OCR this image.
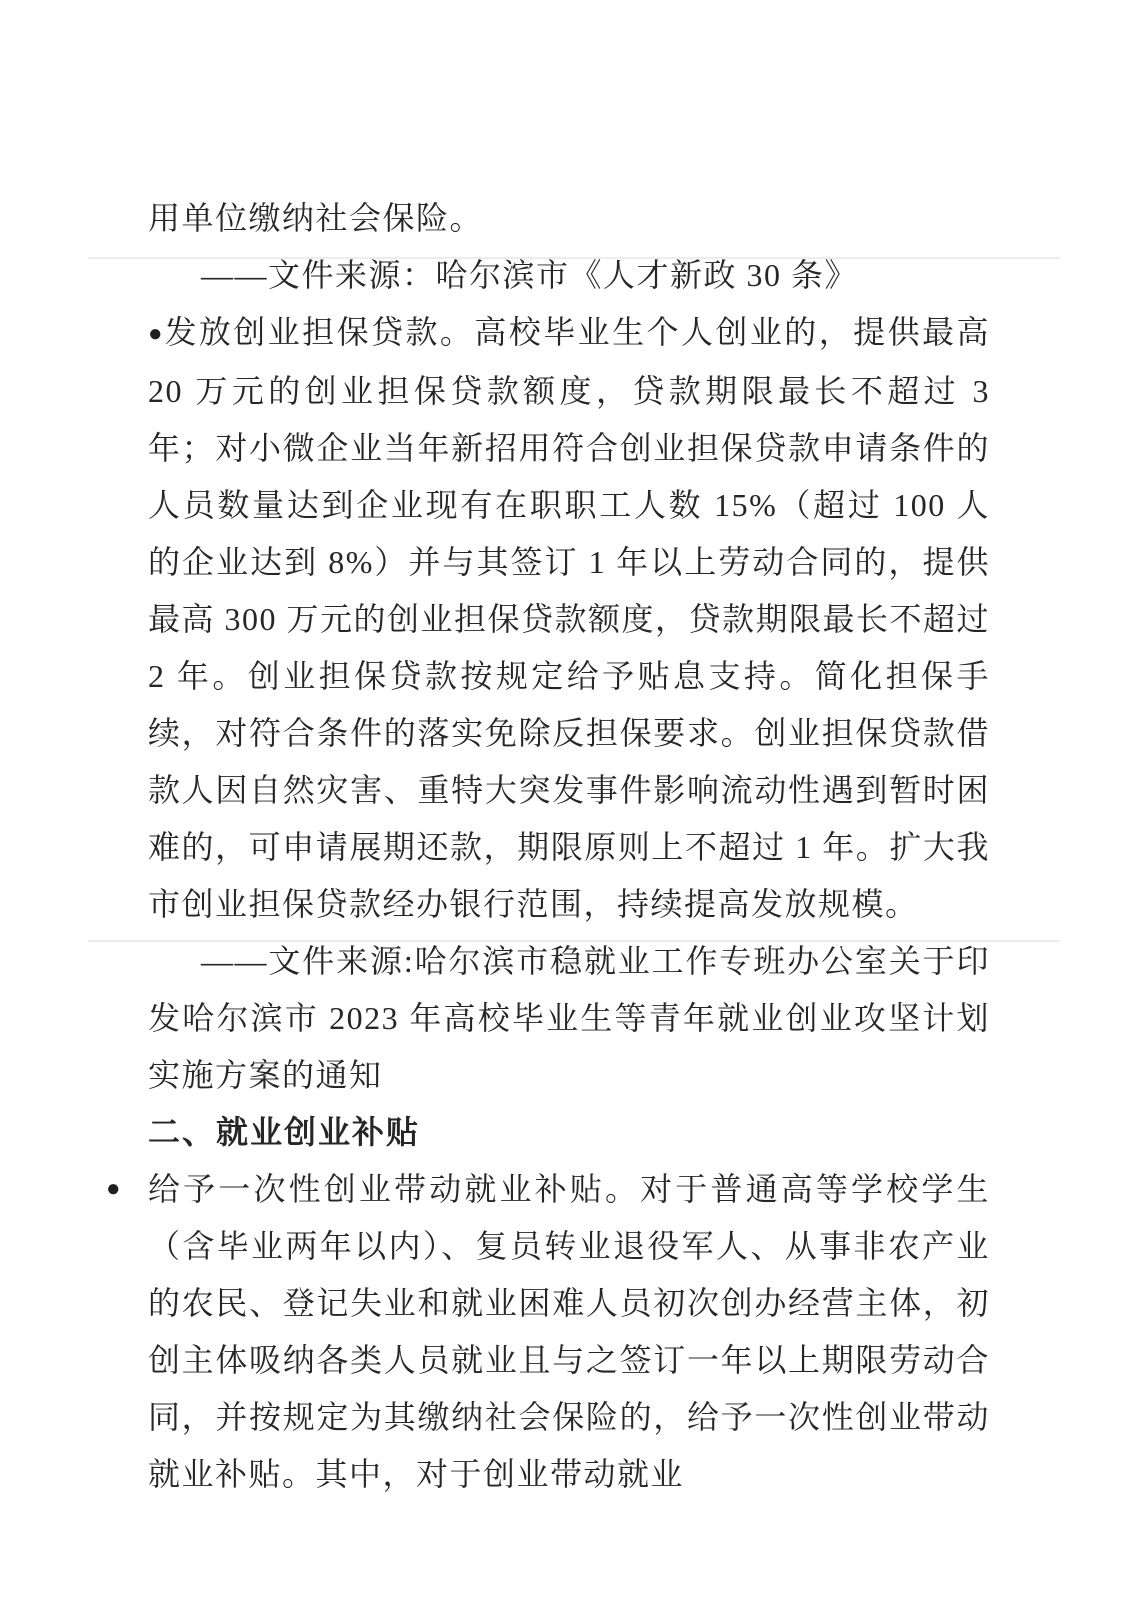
用单位缴纳社会保险。

——文件来源：哈尔滨市《人才新政 30 条》

●发放创业担保贷款。高校毕业生个人创业的，提供最高 20 万元的创业担保贷款额度，贷款期限最长不超过 3 年；对小微企业当年新招用符合创业担保贷款申请条件的人员数量达到企业现有在职职工人数 15%（超过 100 人的企业达到 8%）并与其签订 1 年以上劳动合同的，提供最高 300 万元的创业担保贷款额度，贷款期限最长不超过 2 年。创业担保贷款按规定给予贴息支持。简化担保手续，对符合条件的落实免除反担保要求。创业担保贷款借款人因自然灾害、重特大突发事件影响流动性遇到暂时困难的，可申请展期还款，期限原则上不超过 1 年。扩大我市创业担保贷款经办银行范围，持续提高发放规模。

——文件来源:哈尔滨市稳就业工作专班办公室关于印发哈尔滨市 2023 年高校毕业生等青年就业创业攻坚计划实施方案的通知

二、就业创业补贴

● 给予一次性创业带动就业补贴。对于普通高等学校学生（含毕业两年以内）、复员转业退役军人、从事非农产业的农民、登记失业和就业困难人员初次创办经营主体，初创主体吸纳各类人员就业且与之签订一年以上期限劳动合同，并按规定为其缴纳社会保险的，给予一次性创业带动就业补贴。其中，对于创业带动就业
